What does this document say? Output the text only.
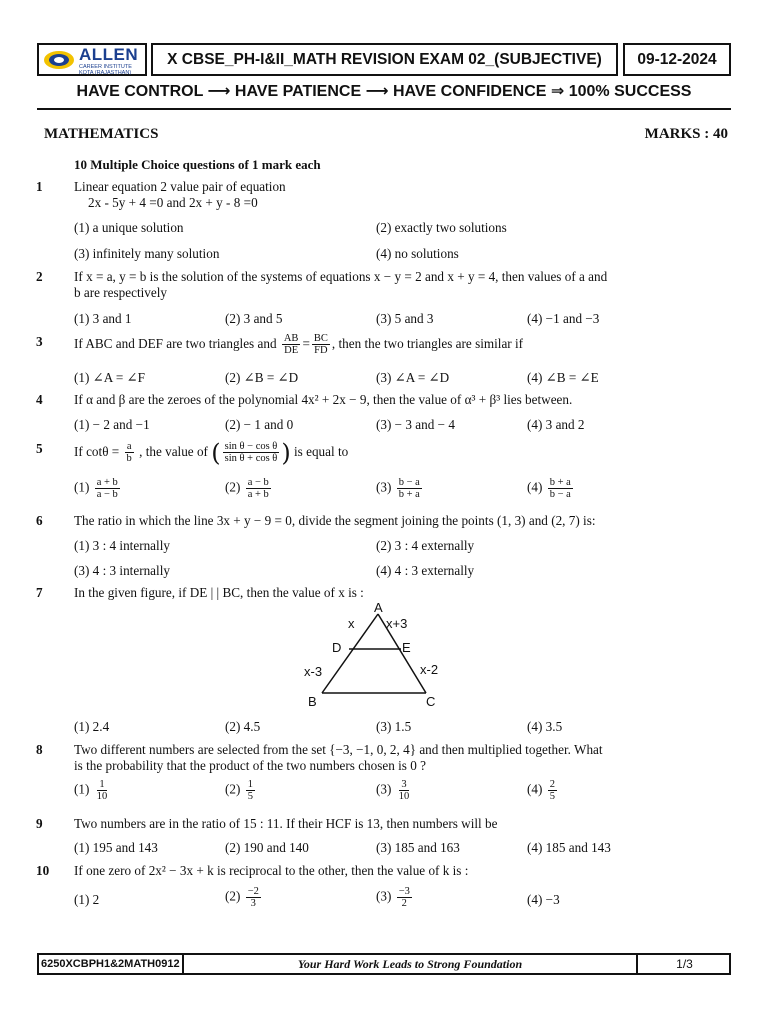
ALLEN
CAREER INSTITUTE
KOTA (RAJASTHAN)
X CBSE_PH-I&II_MATH REVISION EXAM 02_(SUBJECTIVE)	09-12-2024
HAVE CONTROL ⟶ HAVE PATIENCE ⟶ HAVE CONFIDENCE ⇒ 100% SUCCESS
MATHEMATICS	MARKS : 40
10 Multiple Choice questions of 1 mark each
1 Linear equation 2 value pair of equation
2x - 5y + 4 =0 and 2x + y - 8 =0
(1) a unique solution	(2) exactly two solutions
(3) infinitely many solution	(4) no solutions
2 If x = a, y = b is the solution of the systems of equations x − y = 2 and x + y = 4, then values of a and
b are respectively
(1) 3 and 1	(2) 3 and 5	(3) 5 and 3	(4) −1 and −3
3 If ABC and DEF are two triangles and $\frac{AB}{DE} = \frac{BC}{FD}$ , then the two triangles are similar if
(1) ∠A = ∠F	(2) ∠B = ∠D	(3) ∠A = ∠D	(4) ∠B = ∠E
4 If α and β are the zeroes of the polynomial 4x² + 2x − 9, then the value of α³ + β³ lies between.
(1) − 2 and −1	(2) − 1 and 0	(3) − 3 and − 4	(4) 3 and 2
5 If $\cot\theta = \frac{a}{b}$ , the value of ( $\frac{\text{sin θ − cos θ}}{\text{sin θ + cos θ}}$ ) is equal to
$(1) \frac{a + b}{a - b}$	$(2) \frac{a - b}{a + b}$	$(3) \frac{b - a}{b + a}$	$(4) \frac{b + a}{b - a}$
6 The ratio in which the line 3x + y − 9 = 0, divide the segment joining the points (1, 3) and (2, 7) is:
(1) 3 : 4 internally	(2) 3 : 4 externally
(3) 4 : 3 internally	(4) 4 : 3 externally
7 In the given figure, if DE | | BC, then the value of x is :
A
B	C
D	E
x x+3
x-3	x-2
(1) 2.4	(2) 4.5	(3) 1.5	(4) 3.5
8 Two different numbers are selected from the set {−3, −1, 0, 2, 4} and then multiplied together. What
is the probability that the product of the two numbers chosen is 0 ?
$(1) \frac{1}{10}$	$(2) \frac{1}{5}$	$(3) \frac{3}{10}$	$(4) \frac{2}{5}$
9 Two numbers are in the ratio of 15 : 11. If their HCF is 13, then numbers will be
(1) 195 and 143	(2) 190 and 140	(3) 185 and 163	(4) 185 and 143
10 If one zero of 2x² − 3x + k is reciprocal to the other, then the value of k is :
(1) 2	$(2) \frac{-2}{3}$	$(3) \frac{-3}{2}$	(4) −3
6250XCBPH1&2MATH0912	Your Hard Work Leads to Strong Foundation	1/3
